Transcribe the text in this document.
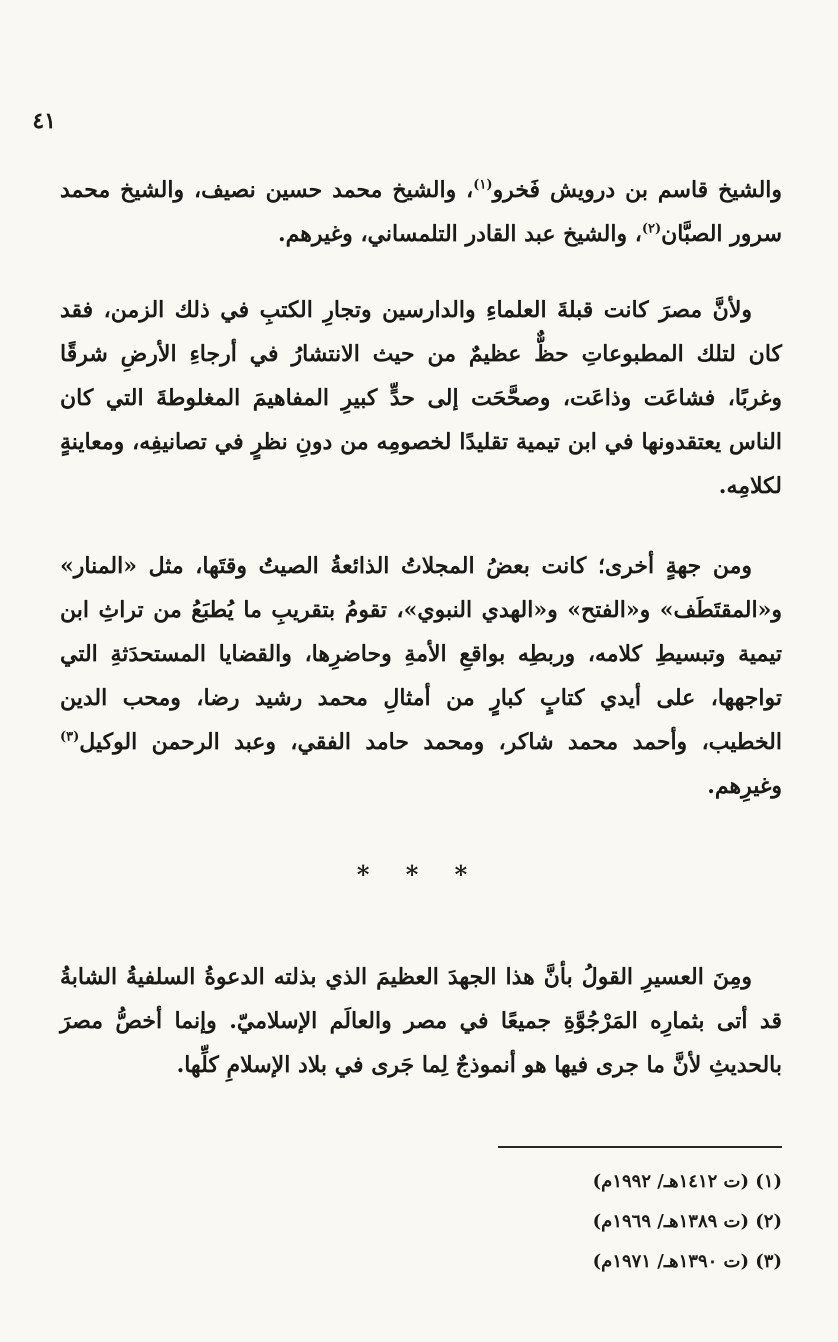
٤١

والشيخ قاسم بن درويش فَخرو$^{(١)}$، والشيخ محمد حسين نصيف، والشيخ محمد سرور الصبَّان$^{(٢)}$، والشيخ عبد القادر التلمساني، وغيرهم.

ولأنَّ مصرَ كانت قبلةَ العلماءِ والدارسين وتجارِ الكتبِ في ذلك الزمن، فقد كان لتلك المطبوعاتِ حظٌّ عظيمٌ من حيث الانتشارُ في أرجاءِ الأرضِ شرقًا وغربًا، فشاعَت وذاعَت، وصحَّحَت إلى حدٍّ كبيرِ المفاهيمَ المغلوطةَ التي كان الناس يعتقدونها في ابن تيمية تقليدًا لخصومِه من دونِ نظرٍ في تصانيفِه، ومعاينةٍ لكلامِه.

ومن جهةٍ أخرى؛ كانت بعضُ المجلاتُ الذائعةُ الصيتُ وقتَها، مثل «المنار» و«المقتَطَف» و«الفتح» و«الهدي النبوي»، تقومُ بتقريبِ ما يُطبَعُ من تراثِ ابن تيمية وتبسيطِ كلامه، وربطِه بواقعِ الأمةِ وحاضرِها، والقضايا المستحدَثةِ التي تواجهها، على أيدي كتابٍ كبارٍ من أمثالِ محمد رشيد رضا، ومحب الدين الخطيب، وأحمد محمد شاكر، ومحمد حامد الفقي، وعبد الرحمن الوكيل$^{(٣)}$ وغيرِهم.

* * *

ومِنَ العسيرِ القولُ بأنَّ هذا الجهدَ العظيمَ الذي بذلته الدعوةُ السلفيةُ الشابةُ قد أتى بثمارِه المَرْجُوَّةِ جميعًا في مصر والعالَم الإسلاميّ. وإنما أخصُّ مصرَ بالحديثِ لأنَّ ما جرى فيها هو أنموذجٌ لِما جَرى في بلاد الإسلامِ كلِّها.

(١) (ت ١٤١٢هـ/ ١٩٩٢م)
(٢) (ت ١٣٨٩هـ/ ١٩٦٩م)
(٣) (ت ١٣٩٠هـ/ ١٩٧١م)
